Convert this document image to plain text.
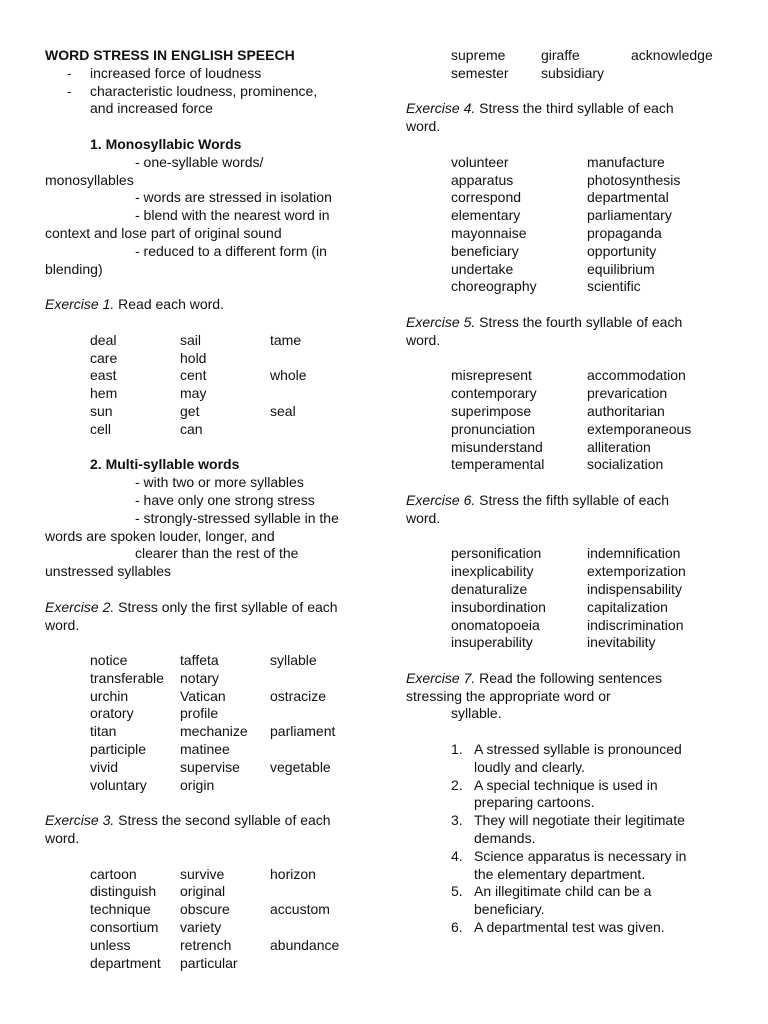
WORD STRESS IN ENGLISH SPEECH
- increased force of loudness
- characteristic loudness, prominence,
and increased force
1. Monosyllabic Words
- one-syllable words/
monosyllables
- words are stressed in isolation
- blend with the nearest word in
context and lose part of original sound
- reduced to a different form (in
blending)
Exercise 1. Read each word.
deal	sail	tame
care	hold	
east	cent	whole
hem	may	
sun	get	seal
cell	can	
2. Multi-syllable words
- with two or more syllables
- have only one strong stress
- strongly-stressed syllable in the
words are spoken louder, longer, and
clearer than the rest of the
unstressed syllables
Exercise 2. Stress only the first syllable of each
word.
notice	taffeta	syllable
transferable	notary	
urchin	Vatican	ostracize
oratory	profile	
titan	mechanize	parliament
participle	matinee	
vivid	supervise	vegetable
voluntary	origin	
Exercise 3. Stress the second syllable of each
word.
cartoon	survive	horizon
distinguish	original	
technique	obscure	accustom
consortium	variety	
unless	retrench	abundance
department	particular	
supreme	giraffe	acknowledge
semester	subsidiary	
Exercise 4. Stress the third syllable of each
word.
volunteer	manufacture
apparatus	photosynthesis
correspond	departmental
elementary	parliamentary
mayonnaise	propaganda
beneficiary	opportunity
undertake	equilibrium
choreography	scientific
Exercise 5. Stress the fourth syllable of each
word.
misrepresent	accommodation
contemporary	prevarication
superimpose	authoritarian
pronunciation	extemporaneous
misunderstand	alliteration
temperamental	socialization
Exercise 6. Stress the fifth syllable of each
word.
personification	indemnification
inexplicability	extemporization
denaturalize	indispensability
insubordination	capitalization
onomatopoeia	indiscrimination
insuperability	inevitability
Exercise 7. Read the following sentences
stressing the appropriate word or
syllable.
1. A stressed syllable is pronounced
loudly and clearly.
2. A special technique is used in
preparing cartoons.
3. They will negotiate their legitimate
demands.
4. Science apparatus is necessary in
the elementary department.
5. An illegitimate child can be a
beneficiary.
6. A departmental test was given.
